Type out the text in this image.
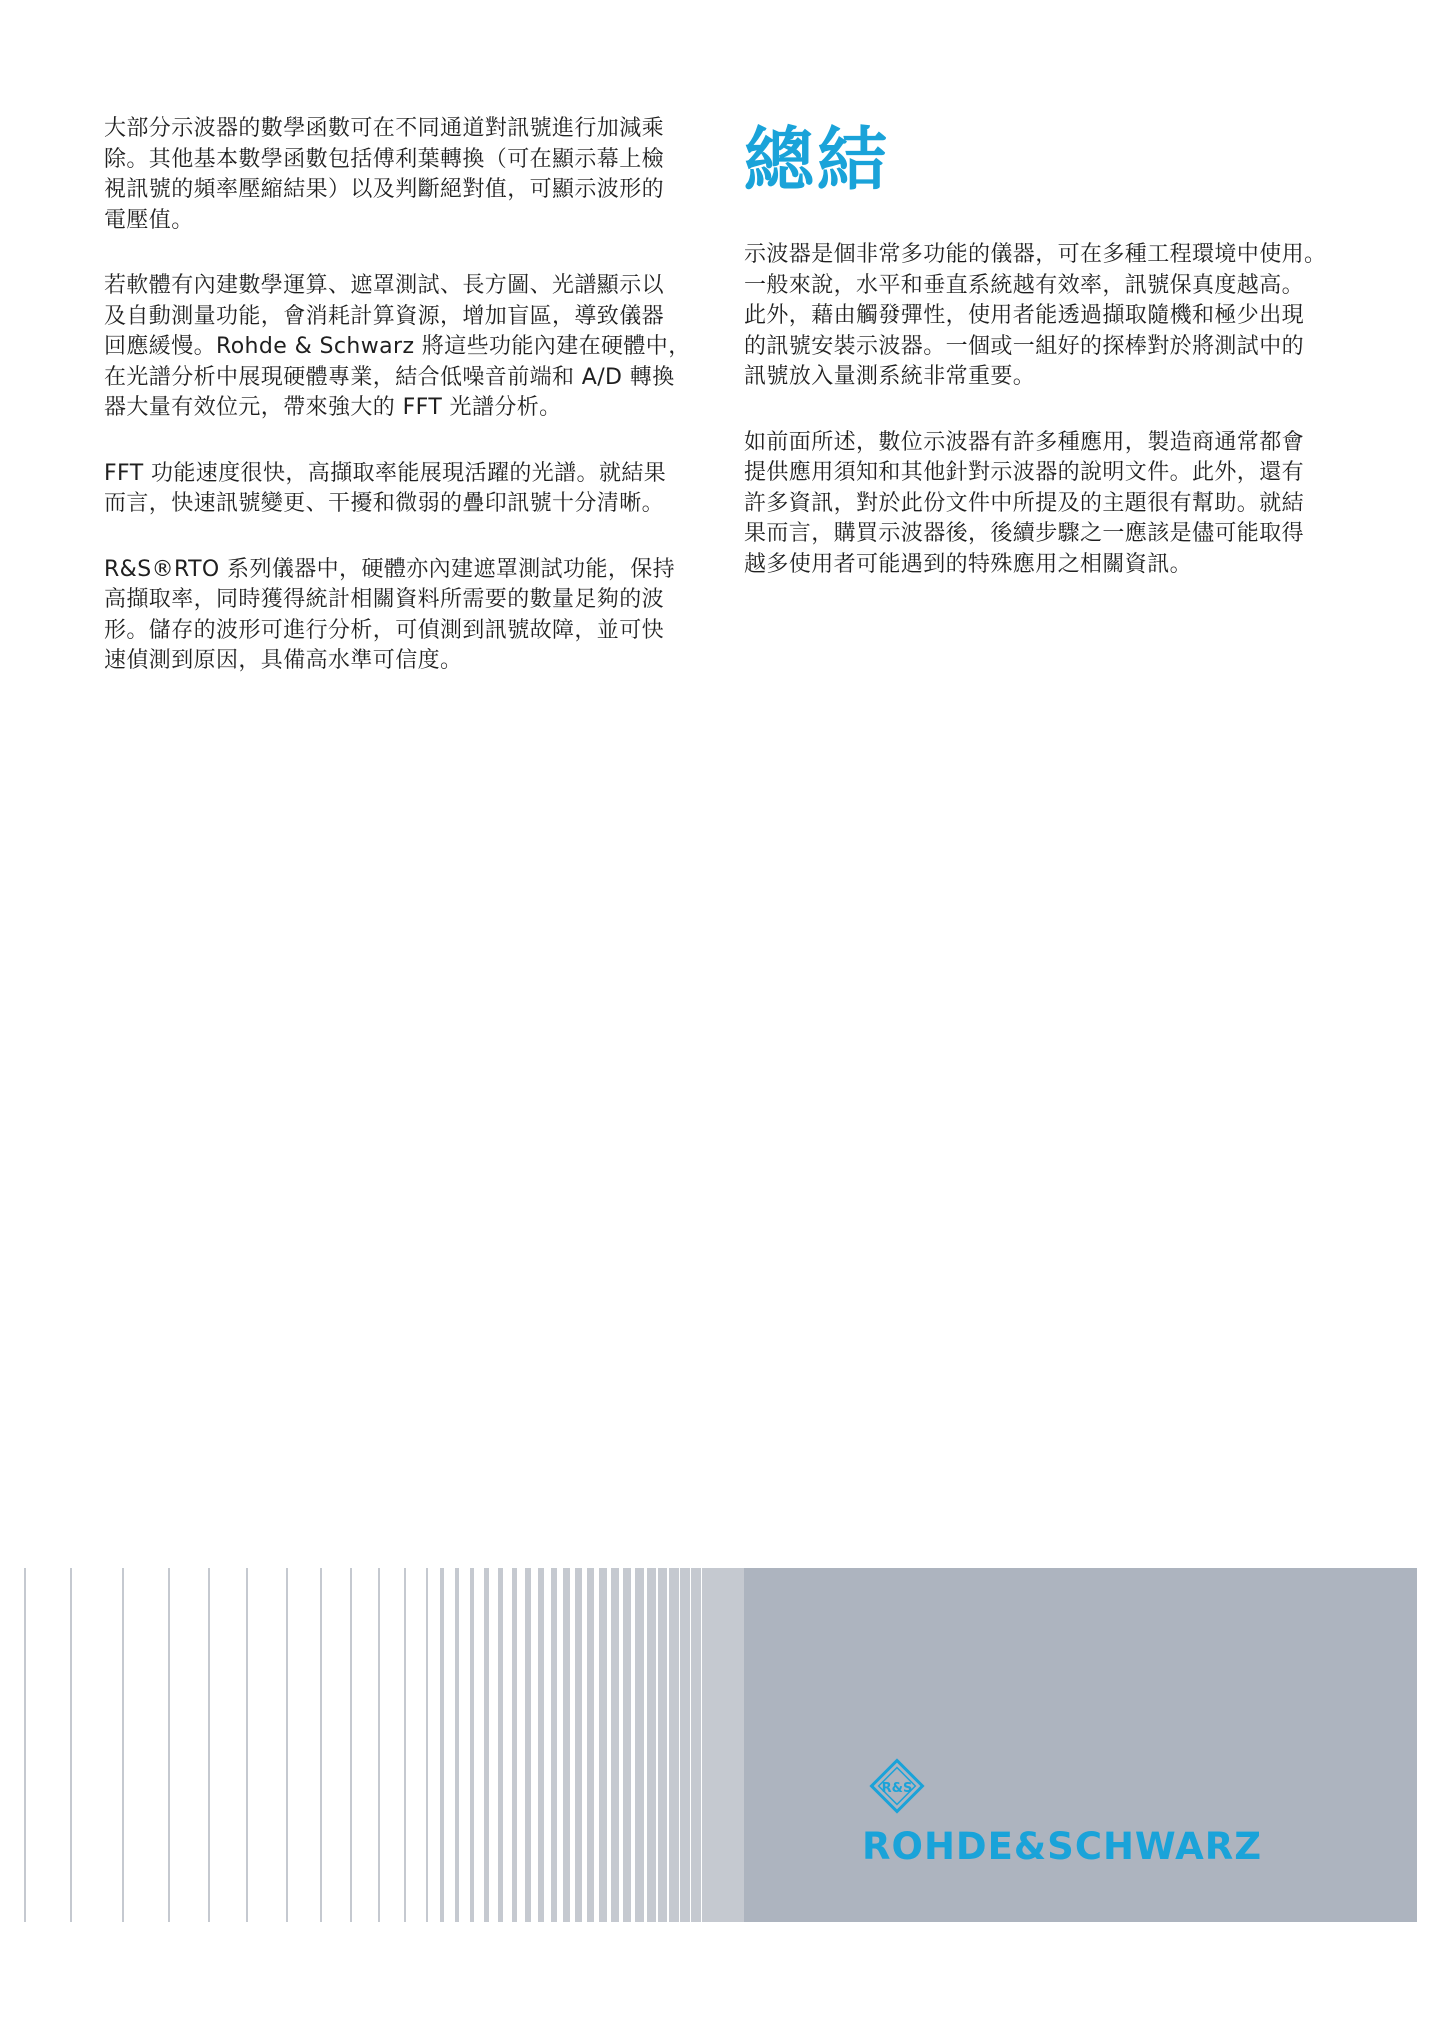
大部分示波器的數學函數可在不同通道對訊號進行加減乘
除。其他基本數學函數包括傅利葉轉換（可在顯示幕上檢
視訊號的頻率壓縮結果）以及判斷絕對值，可顯示波形的
電壓值。

若軟體有內建數學運算、遮罩測試、長方圖、光譜顯示以
及自動測量功能，會消耗計算資源，增加盲區，導致儀器
回應緩慢。Rohde & Schwarz 將這些功能內建在硬體中，
在光譜分析中展現硬體專業，結合低噪音前端和 A/D 轉換
器大量有效位元，帶來強大的 FFT 光譜分析。

FFT 功能速度很快，高擷取率能展現活躍的光譜。就結果
而言，快速訊號變更、干擾和微弱的疊印訊號十分清晰。

R&S®RTO 系列儀器中，硬體亦內建遮罩測試功能，保持
高擷取率，同時獲得統計相關資料所需要的數量足夠的波
形。儲存的波形可進行分析，可偵測到訊號故障，並可快
速偵測到原因，具備高水準可信度。

總結

示波器是個非常多功能的儀器，可在多種工程環境中使用。
一般來說，水平和垂直系統越有效率，訊號保真度越高。
此外，藉由觸發彈性，使用者能透過擷取隨機和極少出現
的訊號安裝示波器。一個或一組好的探棒對於將測試中的
訊號放入量測系統非常重要。

如前面所述，數位示波器有許多種應用，製造商通常都會
提供應用須知和其他針對示波器的說明文件。此外，還有
許多資訊，對於此份文件中所提及的主題很有幫助。就結
果而言，購買示波器後，後續步驟之一應該是儘可能取得
越多使用者可能遇到的特殊應用之相關資訊。

R&S
ROHDE&SCHWARZ
